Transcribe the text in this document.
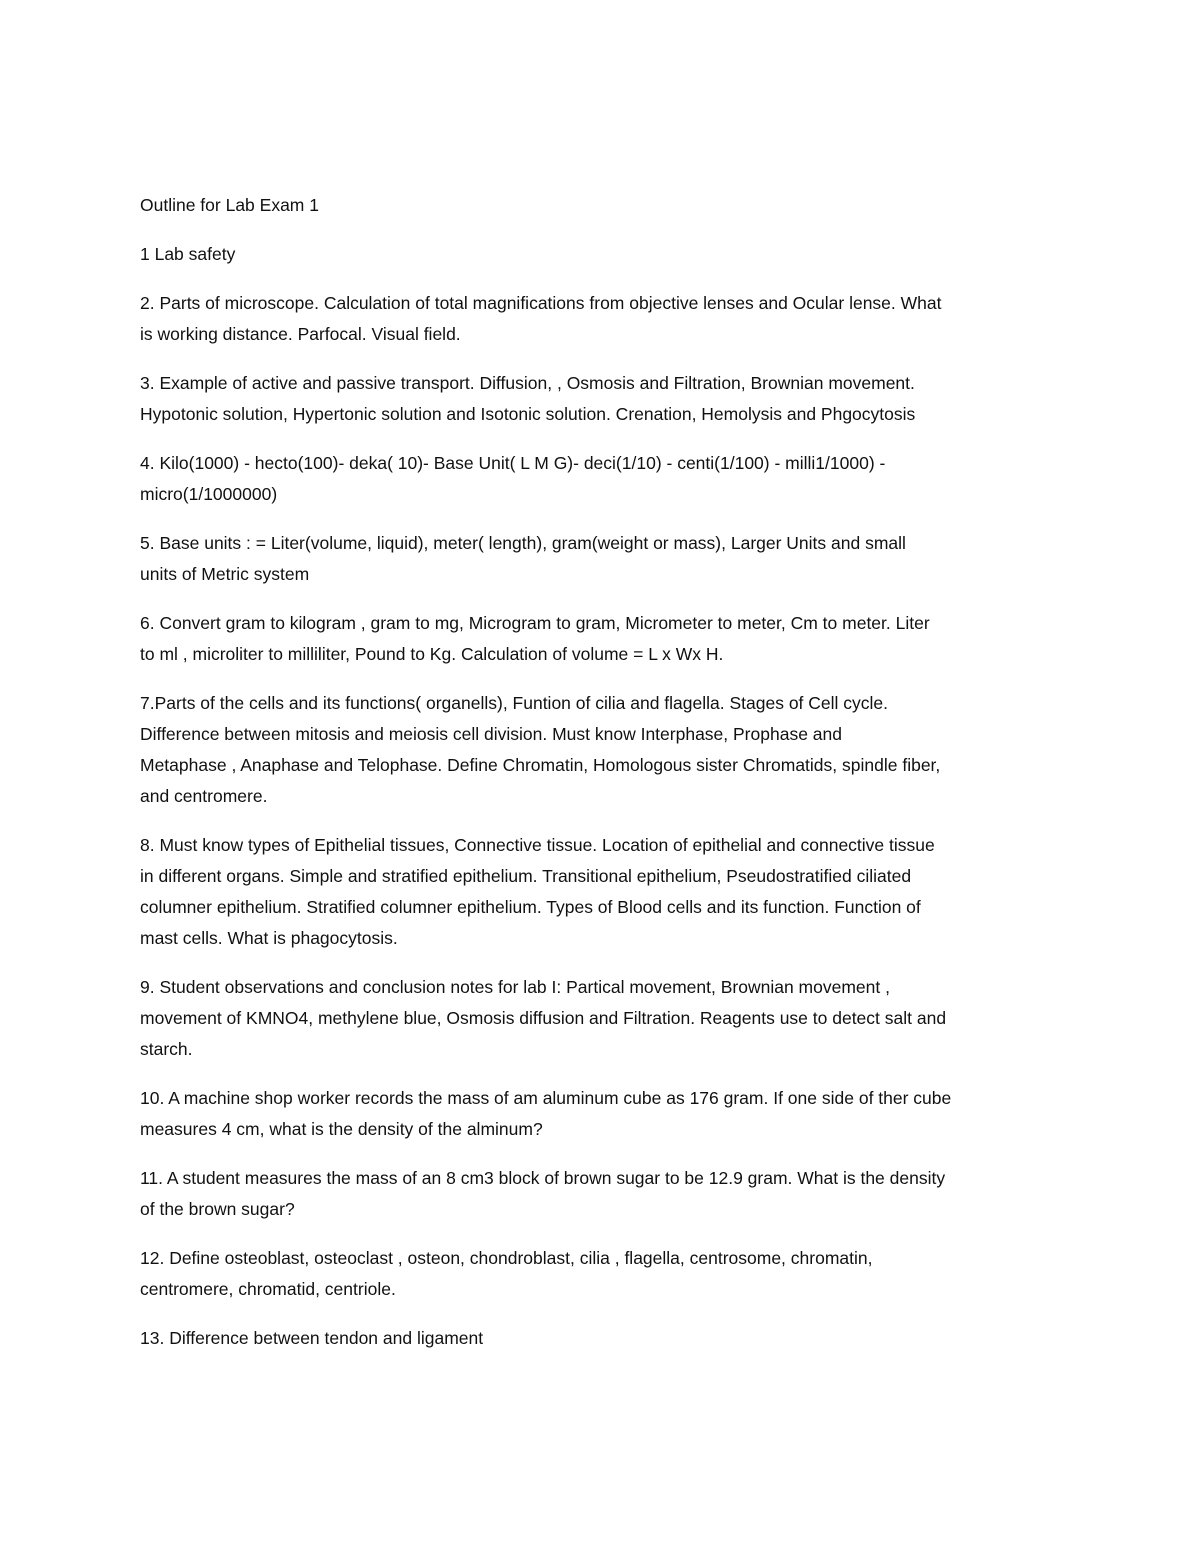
Outline for Lab Exam 1

1 Lab safety

2. Parts of microscope. Calculation of total magnifications from objective lenses and Ocular lense. What

is working distance. Parfocal. Visual field.

3. Example of active and passive transport. Diffusion, , Osmosis and Filtration, Brownian movement.

Hypotonic solution, Hypertonic solution and Isotonic solution. Crenation, Hemolysis and Phgocytosis

4. Kilo(1000) - hecto(100)- deka( 10)- Base Unit( L M G)- deci(1/10) - centi(1/100) - milli1/1000) -

micro(1/1000000)

5. Base units : = Liter(volume, liquid), meter( length), gram(weight or mass), Larger Units and small

units of Metric system

6. Convert gram to kilogram , gram to mg, Microgram to gram, Micrometer to meter, Cm to meter. Liter

to ml , microliter to milliliter, Pound to Kg. Calculation of volume = L x Wx H.

7.Parts of the cells and its functions( organells), Funtion of cilia and flagella. Stages of Cell cycle.

Difference between mitosis and meiosis cell division. Must know Interphase, Prophase and

Metaphase , Anaphase and Telophase. Define Chromatin, Homologous sister Chromatids, spindle fiber,

and centromere.

8. Must know types of Epithelial tissues, Connective tissue. Location of epithelial and connective tissue

in different organs. Simple and stratified epithelium. Transitional epithelium, Pseudostratified ciliated

columner epithelium. Stratified columner epithelium. Types of Blood cells and its function. Function of

mast cells. What is phagocytosis.

9. Student observations and conclusion notes for lab I: Partical movement, Brownian movement ,

movement of KMNO4, methylene blue, Osmosis diffusion and Filtration. Reagents use to detect salt and

starch.

10. A machine shop worker records the mass of am aluminum cube as 176 gram. If one side of ther cube

measures 4 cm, what is the density of the alminum?

11. A student measures the mass of an 8 cm3 block of brown sugar to be 12.9 gram. What is the density

of the brown sugar?

12. Define osteoblast, osteoclast , osteon, chondroblast, cilia , flagella, centrosome, chromatin,

centromere, chromatid, centriole.

13. Difference between tendon and ligament
